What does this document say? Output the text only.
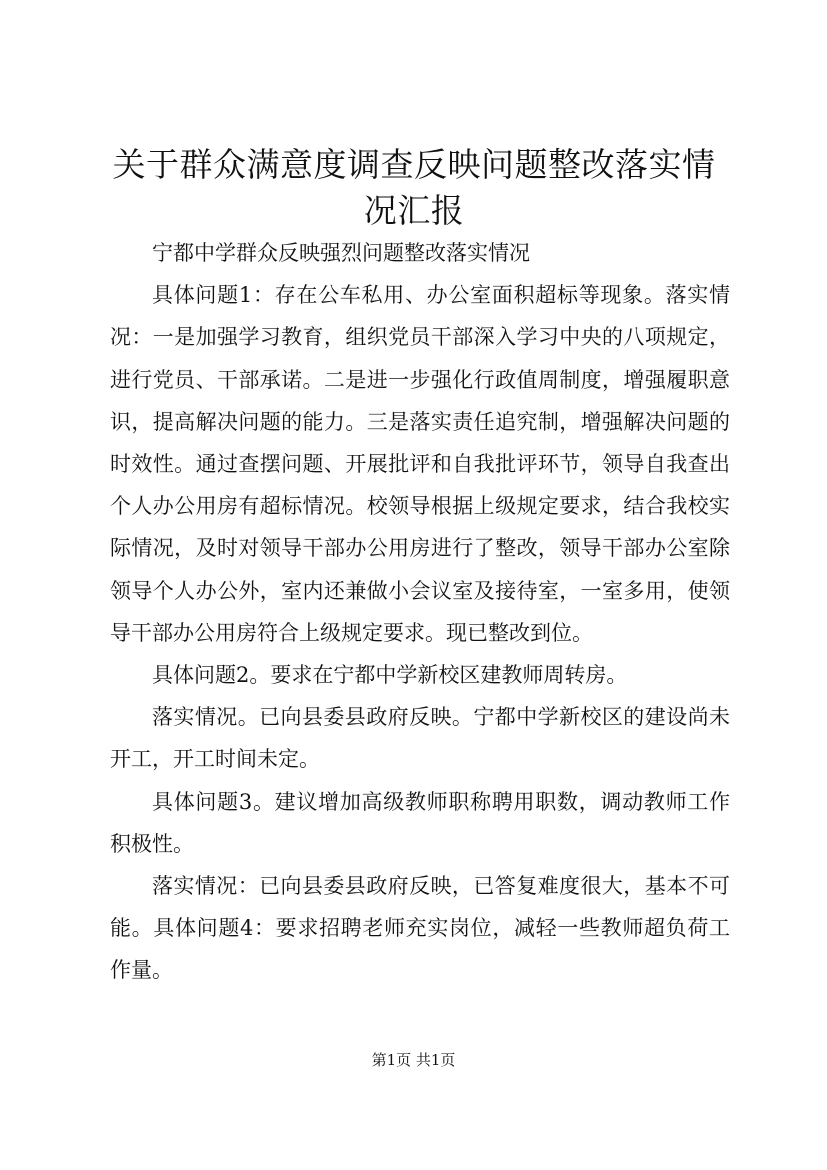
关于群众满意度调查反映问题整改落实情况汇报

宁都中学群众反映强烈问题整改落实情况

具体问题1：存在公车私用、办公室面积超标等现象。落实情况：一是加强学习教育，组织党员干部深入学习中央的八项规定，进行党员、干部承诺。二是进一步强化行政值周制度，增强履职意识，提高解决问题的能力。三是落实责任追究制，增强解决问题的时效性。通过查摆问题、开展批评和自我批评环节，领导自我查出个人办公用房有超标情况。校领导根据上级规定要求，结合我校实际情况，及时对领导干部办公用房进行了整改，领导干部办公室除领导个人办公外，室内还兼做小会议室及接待室，一室多用，使领导干部办公用房符合上级规定要求。现已整改到位。

具体问题2。要求在宁都中学新校区建教师周转房。

落实情况。已向县委县政府反映。宁都中学新校区的建设尚未开工，开工时间未定。

具体问题3。建议增加高级教师职称聘用职数，调动教师工作积极性。

落实情况：已向县委县政府反映，已答复难度很大，基本不可能。具体问题4：要求招聘老师充实岗位，减轻一些教师超负荷工作量。

第1页 共1页
